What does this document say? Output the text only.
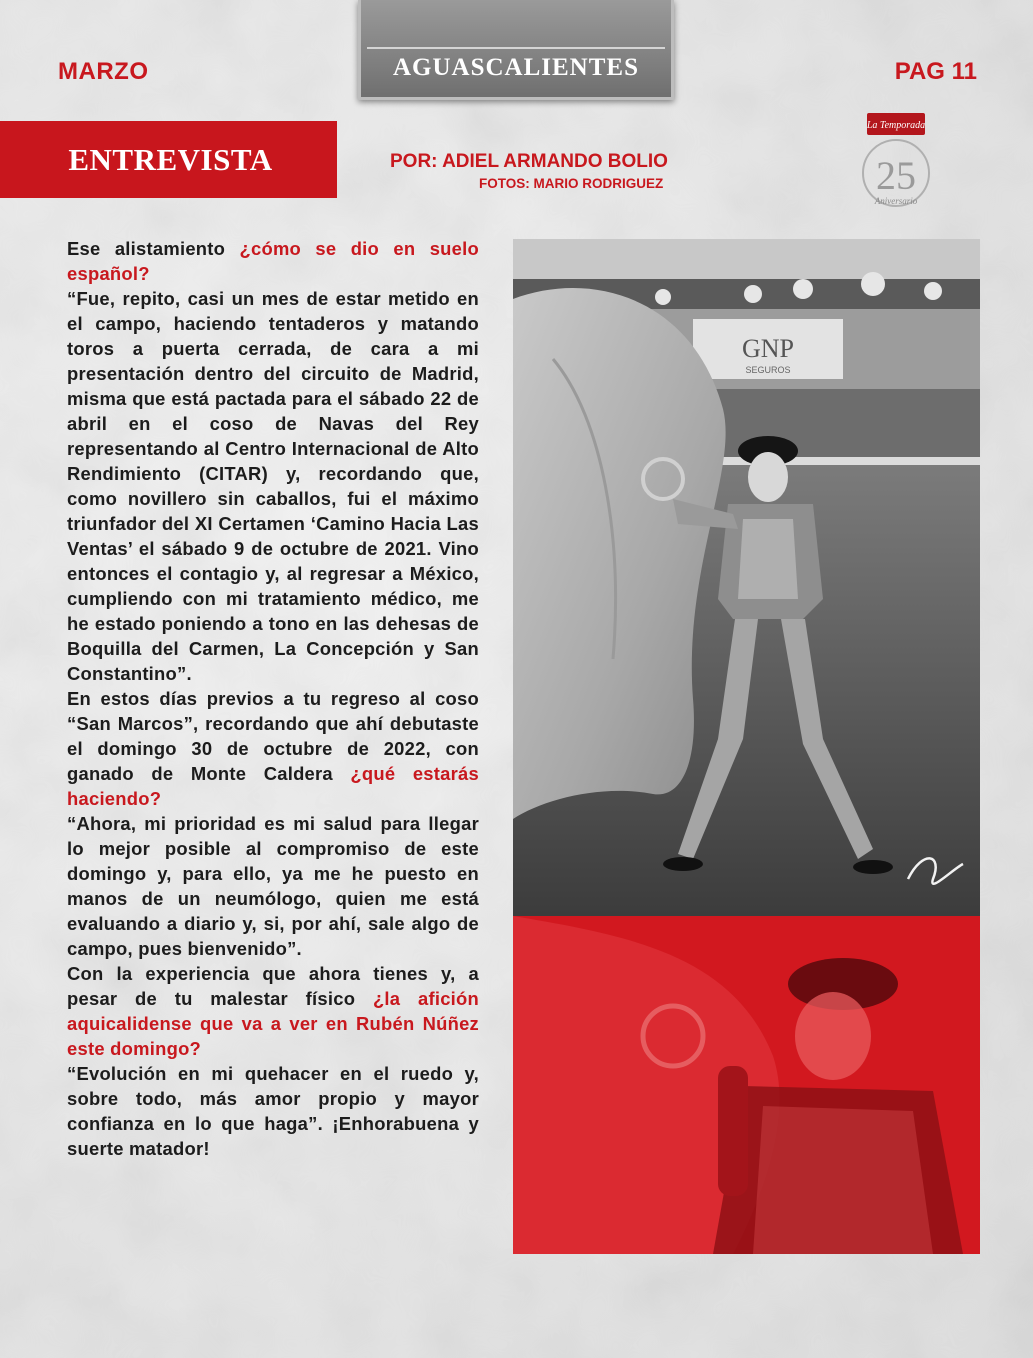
MARZO	AGUASCALIENTES	PAG 11
ENTREVISTA	POR: ADIEL ARMANDO BOLIO
FOTOS: MARIO RODRIGUEZ
La Temporada
25
Aniversario

Ese alistamiento ¿cómo se dio en suelo español?

“Fue, repito, casi un mes de estar metido en el campo, haciendo tentaderos y matando toros a puerta cerrada, de cara a mi presentación dentro del circuito de Madrid, misma que está pactada para el sábado 22 de abril en el coso de Navas del Rey representando al Centro Internacional de Alto Rendimiento (CITAR) y, recordando que, como novillero sin caballos, fui el máximo triunfador del XI Certamen ‘Camino Hacia Las Ventas’ el sábado 9 de octubre de 2021. Vino entonces el contagio y, al regresar a México, cumpliendo con mi tratamiento médico, me he estado poniendo a tono en las dehesas de Boquilla del Carmen, La Concepción y San Constantino”.

En estos días previos a tu regreso al coso “San Marcos”, recordando que ahí debutaste el domingo 30 de octubre de 2022, con ganado de Monte Caldera ¿qué estarás haciendo?

“Ahora, mi prioridad es mi salud para llegar lo mejor posible al compromiso de este domingo y, para ello, ya me he puesto en manos de un neumólogo, quien me está evaluando a diario y, si, por ahí, sale algo de campo, pues bienvenido”.

Con la experiencia que ahora tienes y, a pesar de tu malestar físico ¿la afición aquicalidense que va a ver en Rubén Núñez este domingo?

“Evolución en mi quehacer en el ruedo y, sobre todo, más amor propio y mayor confianza en lo que haga”. ¡Enhorabuena y suerte matador!

GNP
SEGUROS
